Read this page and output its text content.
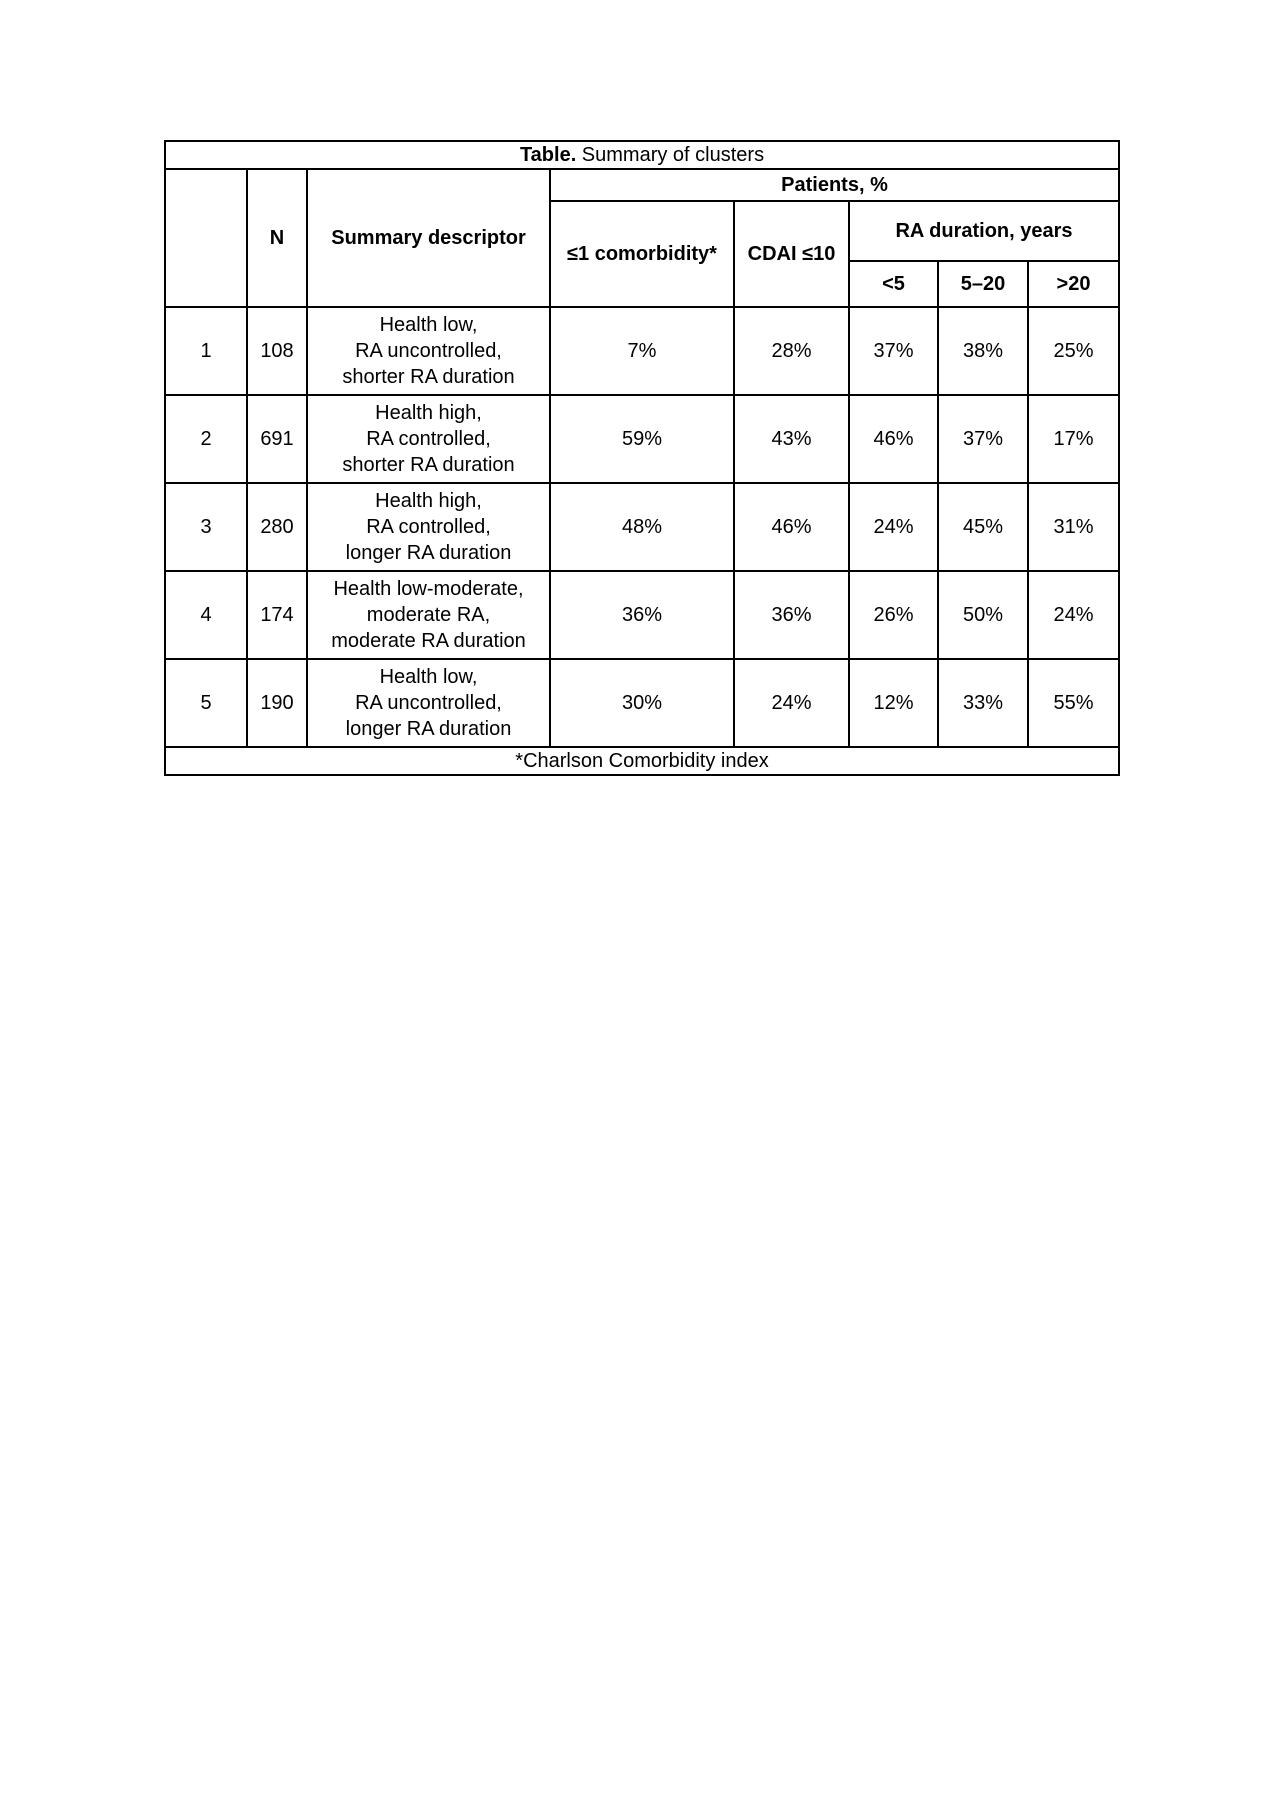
Table. Summary of clusters							
	N	Summary descriptor	Patients, %				
			≤1 comorbidity*	CDAI ≤10	RA duration, years		
					<5	5–20	>20
1	108	Health low,
RA uncontrolled,
shorter RA duration	7%	28%	37%	38%	25%
2	691	Health high,
RA controlled,
shorter RA duration	59%	43%	46%	37%	17%
3	280	Health high,
RA controlled,
longer RA duration	48%	46%	24%	45%	31%
4	174	Health low-moderate,
moderate RA,
moderate RA duration	36%	36%	26%	50%	24%
5	190	Health low,
RA uncontrolled,
longer RA duration	30%	24%	12%	33%	55%
*Charlson Comorbidity index							
